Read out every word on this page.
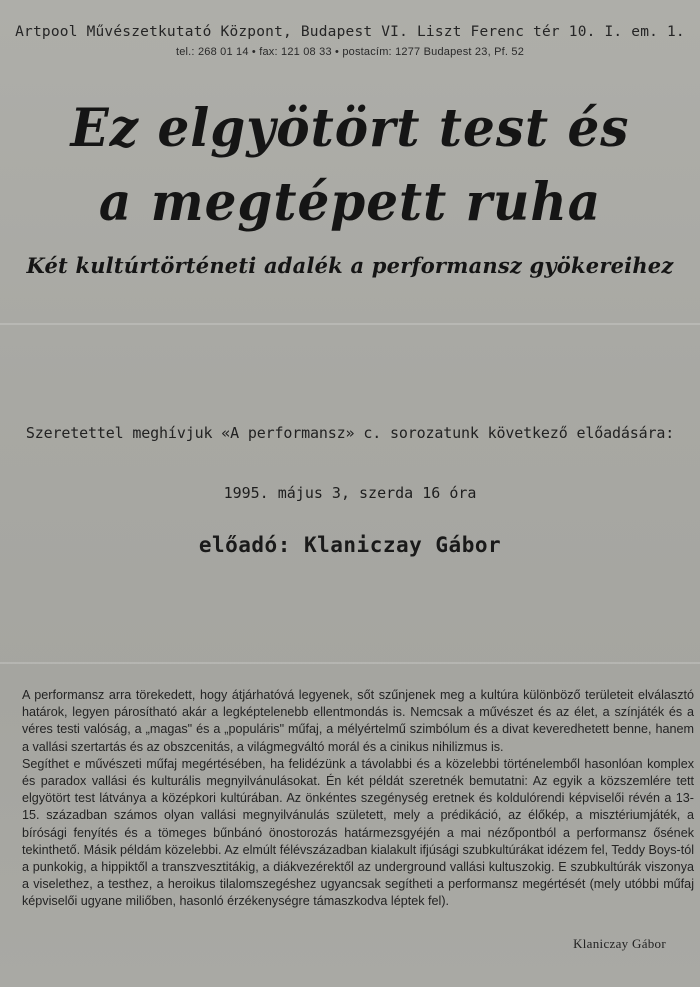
Artpool Művészetkutató Központ, Budapest VI. Liszt Ferenc tér 10. I. em. 1.
tel.: 268 01 14 • fax: 121 08 33 • postacím: 1277 Budapest 23, Pf. 52
Ez elgyötört test és
a megtépett ruha
Két kultúrtörténeti adalék a performansz gyökereihez
Szeretettel meghívjuk «A performansz» c. sorozatunk következő előadására:
1995. május 3, szerda 16 óra
előadó: Klaniczay Gábor

A performansz arra törekedett, hogy átjárhatóvá legyenek, sőt szűnjenek meg a kultúra különböző területeit elválasztó határok, legyen párosítható akár a legképtelenebb ellentmondás is. Nemcsak a művészet és az élet, a színjáték és a véres testi valóság, a „magas" és a „populáris" műfaj, a mélyértelmű szimbólum és a divat keveredhetett benne, hanem a vallási szertartás és az obszcenitás, a világmegváltó morál és a cinikus nihilizmus is.

Segíthet e művészeti műfaj megértésében, ha felidézünk a távolabbi és a közelebbi történelemből hasonlóan komplex és paradox vallási és kulturális megnyilvánulásokat. Én két példát szeretnék bemutatni: Az egyik a közszemlére tett elgyötört test látványa a középkori kultúrában. Az önkéntes szegénység eretnek és koldulórendi képviselői révén a 13-15. században számos olyan vallási megnyilvánulás született, mely a prédikáció, az élőkép, a misztériumjáték, a bírósági fenyítés és a tömeges bűnbánó önostorozás határmezsgyéjén a mai nézőpontból a performansz ősének tekinthető. Másik példám közelebbi. Az elmúlt félévszázadban kialakult ifjúsági szubkultúrákat idézem fel, Teddy Boys-tól a punkokig, a hippiktől a transzvesztitákig, a diákvezérektől az underground vallási kultuszokig. E szubkultúrák viszonya a viselethez, a testhez, a heroikus tilalomszegéshez ugyancsak segítheti a performansz megértését (mely utóbbi műfaj képviselői ugyane miliőben, hasonló érzékenységre támaszkodva léptek fel).

Klaniczay Gábor
